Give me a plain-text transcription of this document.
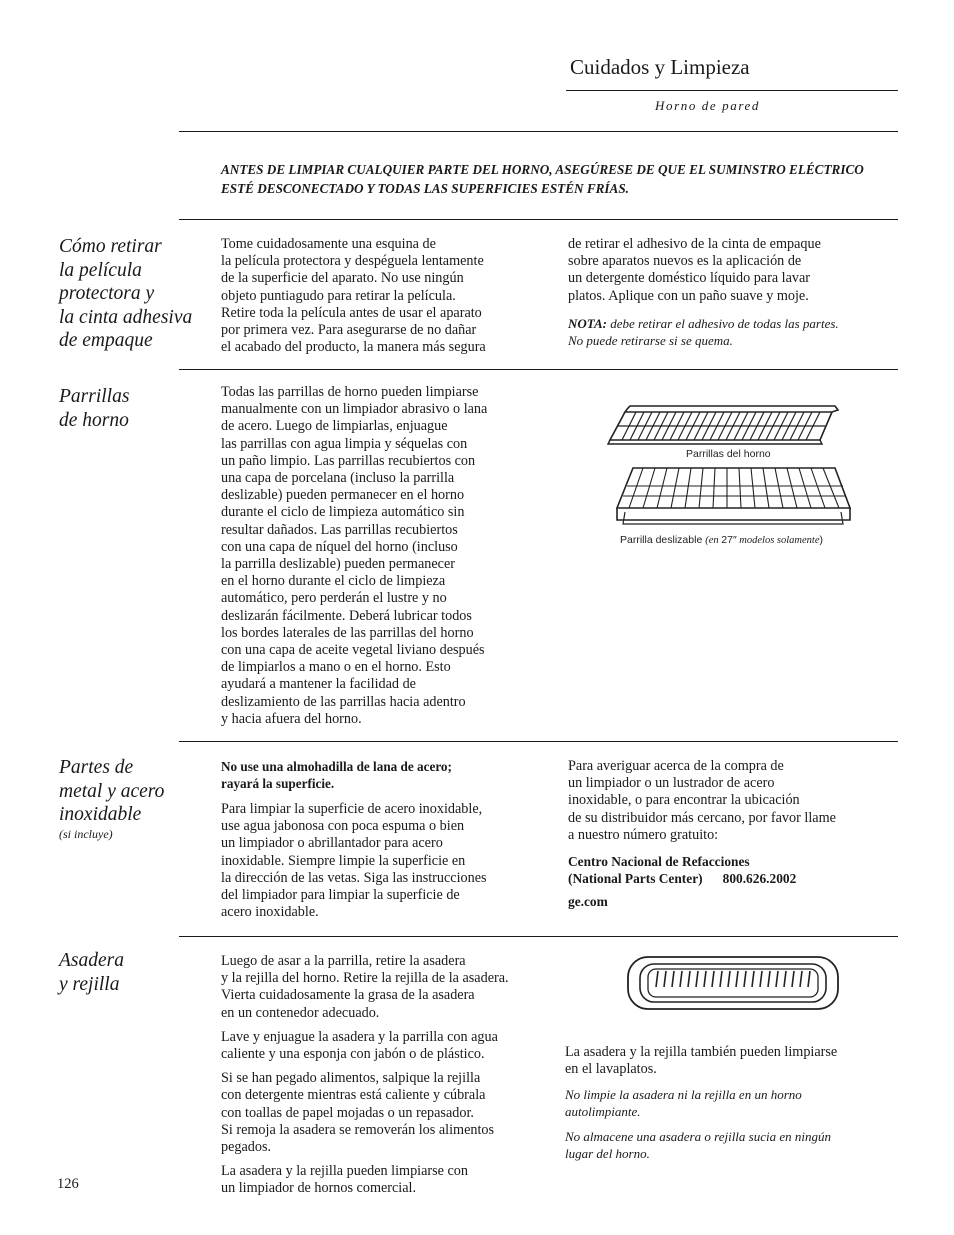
Cuidados y Limpieza
Horno de pared
ANTES DE LIMPIAR CUALQUIER PARTE DEL HORNO, ASEGÚRESE DE QUE EL SUMINSTRO ELÉCTRICO ESTÉ DESCONECTADO Y TODAS LAS SUPERFICIES ESTÉN FRÍAS.
Cómo retirar
la película
protectora y
la cinta adhesiva
de empaque
Tome cuidadosamente una esquina de
la película protectora y despéguela lentamente
de la superficie del aparato. No use ningún
objeto puntiagudo para retirar la película.
Retire toda la película antes de usar el aparato
por primera vez. Para asegurarse de no dañar
el acabado del producto, la manera más segura
de retirar el adhesivo de la cinta de empaque
sobre aparatos nuevos es la aplicación de
un detergente doméstico líquido para lavar
platos. Aplique con un paño suave y moje.
NOTA: debe retirar el adhesivo de todas las partes.
No puede retirarse si se quema.
Parrillas
de horno
Todas las parrillas de horno pueden limpiarse
manualmente con un limpiador abrasivo o lana
de acero. Luego de limpiarlas, enjuague
las parrillas con agua limpia y séquelas con
un paño limpio. Las parrillas recubiertos con
una capa de porcelana (incluso la parrilla
deslizable) pueden permanecer en el horno
durante el ciclo de limpieza automático sin
resultar dañados. Las parrillas recubiertos
con una capa de níquel del horno (incluso
la parrilla deslizable) pueden permanecer
en el horno durante el ciclo de limpieza
automático, pero perderán el lustre y no
deslizarán fácilmente. Deberá lubricar todos
los bordes laterales de las parrillas del horno
con una capa de aceite vegetal liviano después
de limpiarlos a mano o en el horno. Esto
ayudará a mantener la facilidad de
deslizamiento de las parrillas hacia adentro
y hacia afuera del horno.
Parrillas del horno
Parrilla deslizable (en 27″ modelos solamente)
Partes de
metal y acero
inoxidable
(si incluye)
No use una almohadilla de lana de acero;
rayará la superficie.
Para limpiar la superficie de acero inoxidable,
use agua jabonosa con poca espuma o bien
un limpiador o abrillantador para acero
inoxidable. Siempre limpie la superficie en
la dirección de las vetas. Siga las instrucciones
del limpiador para limpiar la superficie de
acero inoxidable.
Para averiguar acerca de la compra de
un limpiador o un lustrador de acero
inoxidable, o para encontrar la ubicación
de su distribuidor más cercano, por favor llame
a nuestro número gratuito:
Centro Nacional de Refacciones
(National Parts Center) 800.626.2002
ge.com
Asadera
y rejilla

Luego de asar a la parrilla, retire la asadera
y la rejilla del horno. Retire la rejilla de la asadera.
Vierta cuidadosamente la grasa de la asadera
en un contenedor adecuado.

Lave y enjuague la asadera y la parrilla con agua
caliente y una esponja con jabón o de plástico.

Si se han pegado alimentos, salpique la rejilla
con detergente mientras está caliente y cúbrala
con toallas de papel mojadas o un repasador.
Si remoja la asadera se removerán los alimentos
pegados.

La asadera y la rejilla pueden limpiarse con
un limpiador de hornos comercial.

La asadera y la rejilla también pueden limpiarse
en el lavaplatos.
No limpie la asadera ni la rejilla en un horno
autolimpiante.
No almacene una asadera o rejilla sucia en ningún
lugar del horno.
126
